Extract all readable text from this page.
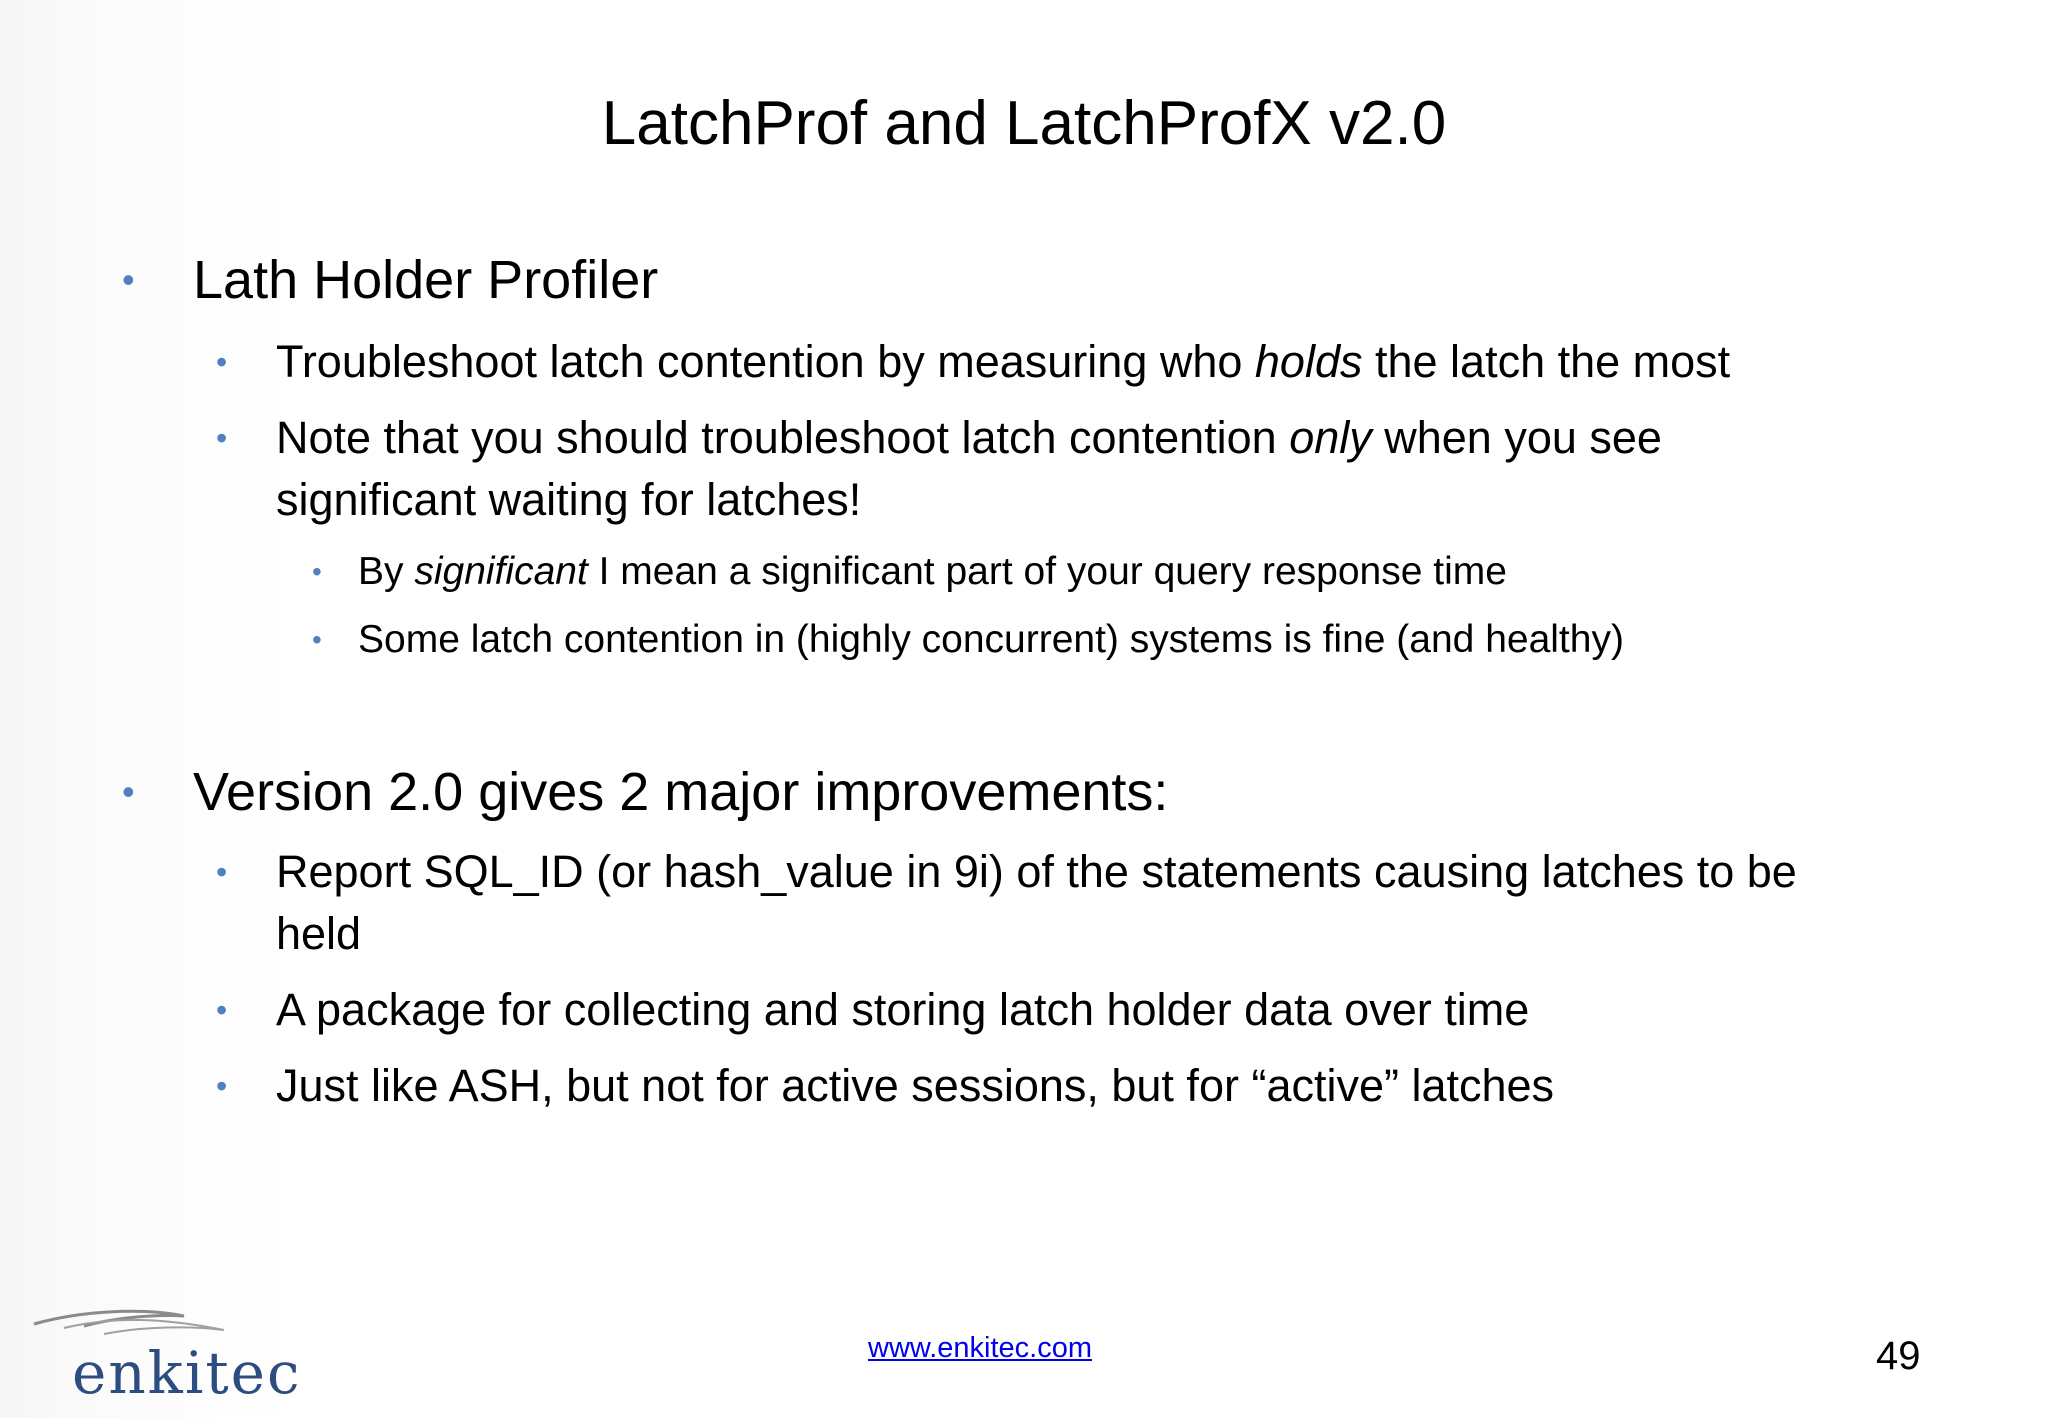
LatchProf and LatchProfX v2.0
• Lath Holder Profiler
• Troubleshoot latch contention by measuring who holds the latch the most
• Note that you should troubleshoot latch contention only when you see
significant waiting for latches!
• By significant I mean a significant part of your query response time
• Some latch contention in (highly concurrent) systems is fine (and healthy)
• Version 2.0 gives 2 major improvements:
• Report SQL_ID (or hash_value in 9i) of the statements causing latches to be
held
• A package for collecting and storing latch holder data over time
• Just like ASH, but not for active sessions, but for “active” latches
enkitec	www.enkitec.com	49
